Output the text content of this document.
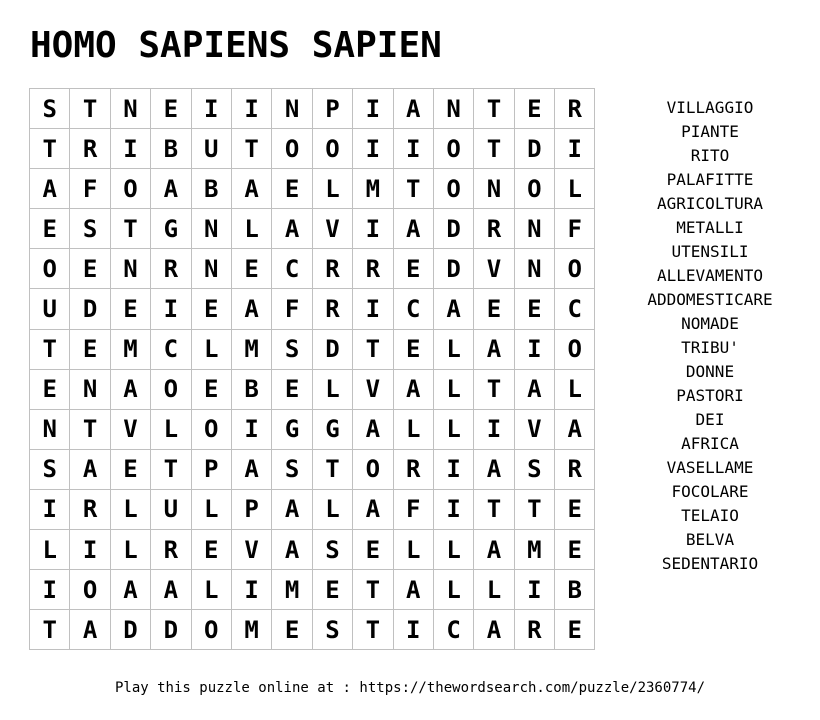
HOMO SAPIENS SAPIEN
S	T	N	E	I	I	N	P	I	A	N	T	E	R
T	R	I	B	U	T	O	O	I	I	O	T	D	I
A	F	O	A	B	A	E	L	M	T	O	N	O	L
E	S	T	G	N	L	A	V	I	A	D	R	N	F
O	E	N	R	N	E	C	R	R	E	D	V	N	O
U	D	E	I	E	A	F	R	I	C	A	E	E	C
T	E	M	C	L	M	S	D	T	E	L	A	I	O
E	N	A	O	E	B	E	L	V	A	L	T	A	L
N	T	V	L	O	I	G	G	A	L	L	I	V	A
S	A	E	T	P	A	S	T	O	R	I	A	S	R
I	R	L	U	L	P	A	L	A	F	I	T	T	E
L	I	L	R	E	V	A	S	E	L	L	A	M	E
I	O	A	A	L	I	M	E	T	A	L	L	I	B
T	A	D	D	O	M	E	S	T	I	C	A	R	E
VILLAGGIO
PIANTE
RITO
PALAFITTE
AGRICOLTURA
METALLI
UTENSILI
ALLEVAMENTO
ADDOMESTICARE
NOMADE
TRIBU'
DONNE
PASTORI
DEI
AFRICA
VASELLAME
FOCOLARE
TELAIO
BELVA
SEDENTARIO
Play this puzzle online at : https://thewordsearch.com/puzzle/2360774/
